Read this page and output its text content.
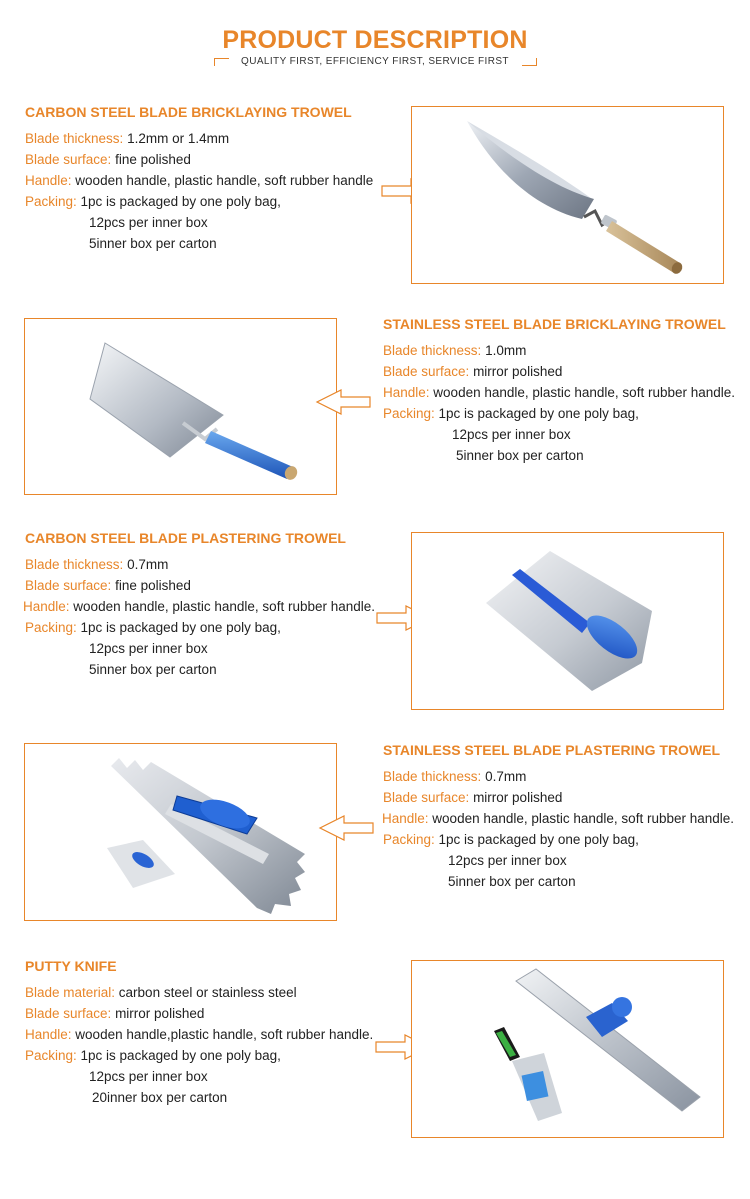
PRODUCT DESCRIPTION
QUALITY FIRST, EFFICIENCY FIRST, SERVICE FIRST
CARBON STEEL BLADE BRICKLAYING TROWEL
Blade thickness: 1.2mm or 1.4mm
Blade surface: fine polished
Handle: wooden handle, plastic handle, soft rubber handle
Packing: 1pc is packaged by one poly bag,
12pcs per inner box
5inner box per carton
STAINLESS STEEL BLADE BRICKLAYING TROWEL
Blade thickness: 1.0mm
Blade surface: mirror polished
Handle: wooden handle, plastic handle, soft rubber handle.
Packing: 1pc is packaged by one poly bag,
12pcs per inner box
5inner box per carton
CARBON STEEL BLADE PLASTERING TROWEL
Blade thickness: 0.7mm
Blade surface: fine polished
Handle: wooden handle, plastic handle, soft rubber handle.
Packing: 1pc is packaged by one poly bag,
12pcs per inner box
5inner box per carton
STAINLESS STEEL BLADE PLASTERING TROWEL
Blade thickness: 0.7mm
Blade surface: mirror polished
Handle: wooden handle, plastic handle, soft rubber handle.
Packing: 1pc is packaged by one poly bag,
12pcs per inner box
5inner box per carton
PUTTY KNIFE
Blade material: carbon steel or stainless steel
Blade surface: mirror polished
Handle: wooden handle,plastic handle, soft rubber handle.
Packing: 1pc is packaged by one poly bag,
12pcs per inner box
20inner box per carton
